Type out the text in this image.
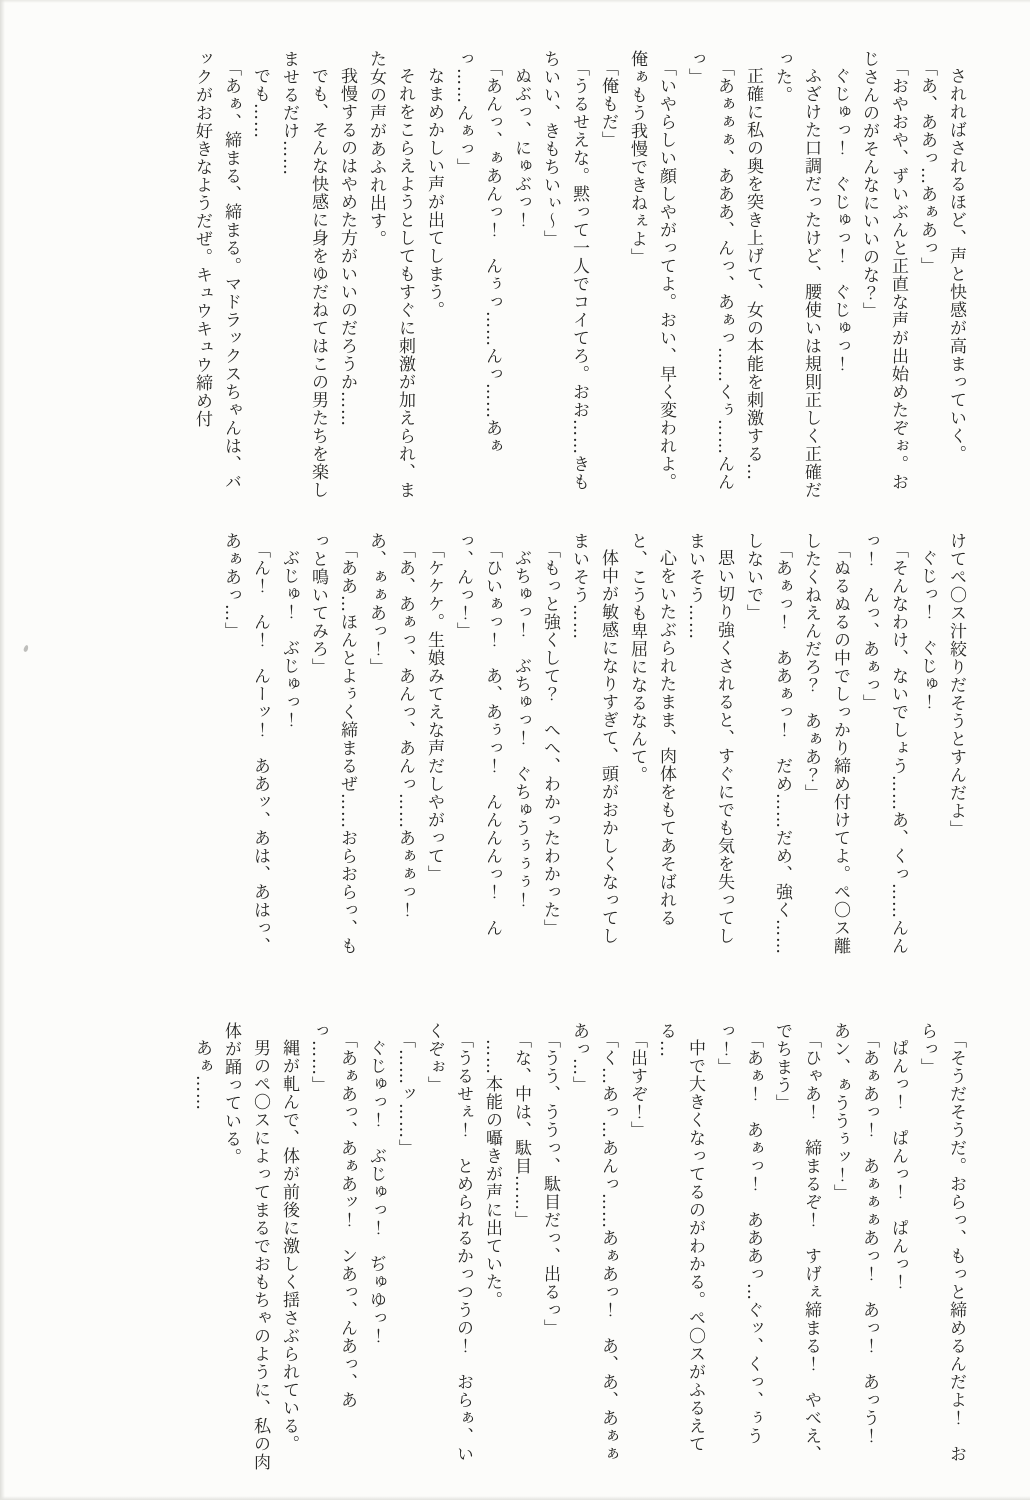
されればされるほど、声と快感が高まっていく。

「あ、ああっ…あぁあっ」

「おやおや、ずいぶんと正直な声が出始めたぞぉ。おじさんのがそんなにいいのな？」

ぐじゅっ！　ぐじゅっ！　ぐじゅっ！

ふざけた口調だったけど、腰使いは規則正しく正確だった。

正確に私の奥を突き上げて、女の本能を刺激する…

「あぁぁぁ、あああ、んっ、あぁっ……くぅ……んんっ」

「いやらしい顔しやがってよ。おい、早く変われよ。俺ぁもう我慢できねぇよ」

「俺もだ」

「うるせえな。黙って一人でコイてろ。おお……きもちいい、きもちいぃ〜」

ぬぶっ、にゅぶっ！

「あんっ、ぁあんっ！　んぅっ……んっ……あぁっ……んぁっ」

なまめかしい声が出てしまう。

それをこらえようとしてもすぐに刺激が加えられ、また女の声があふれ出す。

我慢するのはやめた方がいいのだろうか……

でも、そんな快感に身をゆだねてはこの男たちを楽しませるだけ……

でも……

「あぁ、締まる、締まる。マドラックスちゃんは、バックがお好きなようだぜ。キュウキュウ締め付

けてペ〇ス汁絞りだそうとすんだよ」

ぐじっ！　ぐじゅ！

「そんなわけ、ないでしょう……あ、くっ……んんっ！　んっ、あぁっ」

「ぬるぬるの中でしっかり締め付けてよ。ペ〇ス離したくねえんだろ？　あぁあ？」

「あぁっ！　ああぁっ！　だめ……だめ、強く……しないで」

思い切り強くされると、すぐにでも気を失ってしまいそう……

心をいたぶられたまま、肉体をもてあそばれると、こうも卑屈になるなんて。

体中が敏感になりすぎて、頭がおかしくなってしまいそう……

「もっと強くして？　へへ、わかったわかった」

ぶちゅっ！　ぶちゅっ！　ぐちゅうぅぅぅ！

「ひいぁっ！　あ、あぅっ！　んんんんっ！　んっ、んっ！」

「ケケケ。生娘みてえな声だしやがって」

「あ、あぁっ、あんっ、あんっ……あぁぁっ！　あ、ぁぁあっ！」

「ああ…ほんとよぅく締まるぜ……おらおらっ、もっと鳴いてみろ」

ぶじゅ！　ぶじゅっ！

「ん！　ん！　んーッ！　ああッ、あは、あはっ、あぁあっ…」

「そうだそうだ。おらっ、もっと締めるんだよ！　おらっ」

ぱんっ！　ぱんっ！　ぱんっ！

「あぁあっ！　あぁぁぁあっ！　あっ！　あっう！　あン、ぁううぅッ！」

「ひゃあ！　締まるぞ！　すげぇ締まる！　やべえ、でちまう」

「あぁ！　あぁっ！　あああっ…ぐッ、くっ、ぅうっ！」

中で大きくなってるのがわかる。ペ〇スがふるえてる…

「出すぞ！」

「く…あっ…あんっ……あぁあっ！　あ、あ、あぁぁあっ…」

「うう、ううっ、駄目だっ、出るっ」

「な、中は、駄目……」

……本能の囁きが声に出ていた。

「うるせぇ！　とめられるかっつうの！　おらぁ、いくぞぉ」

「……ッ……」

ぐじゅっ！　ぶじゅっ！　ぢゅゆっ！

「あぁあっ、あぁあッ！　ンあっ、んあっ、あっ……」

縄が軋んで、体が前後に激しく揺さぶられている。

男のペ〇スによってまるでおもちゃのように、私の肉体が踊っている。

あぁ……
